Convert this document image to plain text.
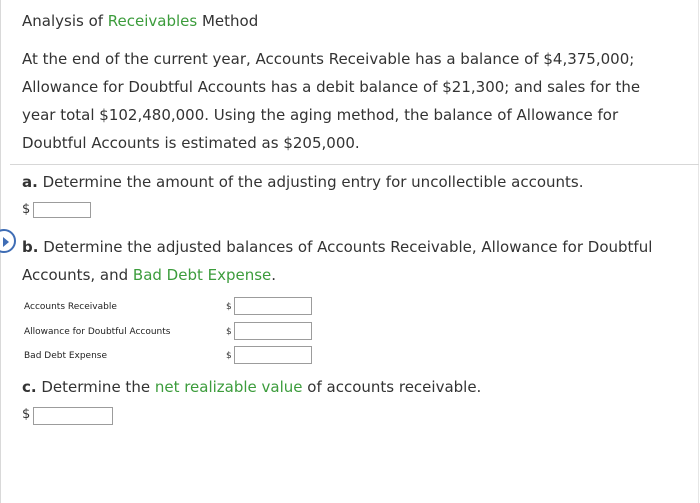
Analysis of Receivables Method
At the end of the current year, Accounts Receivable has a balance of $4,375,000;
Allowance for Doubtful Accounts has a debit balance of $21,300; and sales for the
year total $102,480,000. Using the aging method, the balance of Allowance for
Doubtful Accounts is estimated as $205,000.
a. Determine the amount of the adjusting entry for uncollectible accounts.
$
b. Determine the adjusted balances of Accounts Receivable, Allowance for Doubtful
Accounts, and Bad Debt Expense.
Accounts Receivable	$
Allowance for Doubtful Accounts	$
Bad Debt Expense	$
c. Determine the net realizable value of accounts receivable.
$
